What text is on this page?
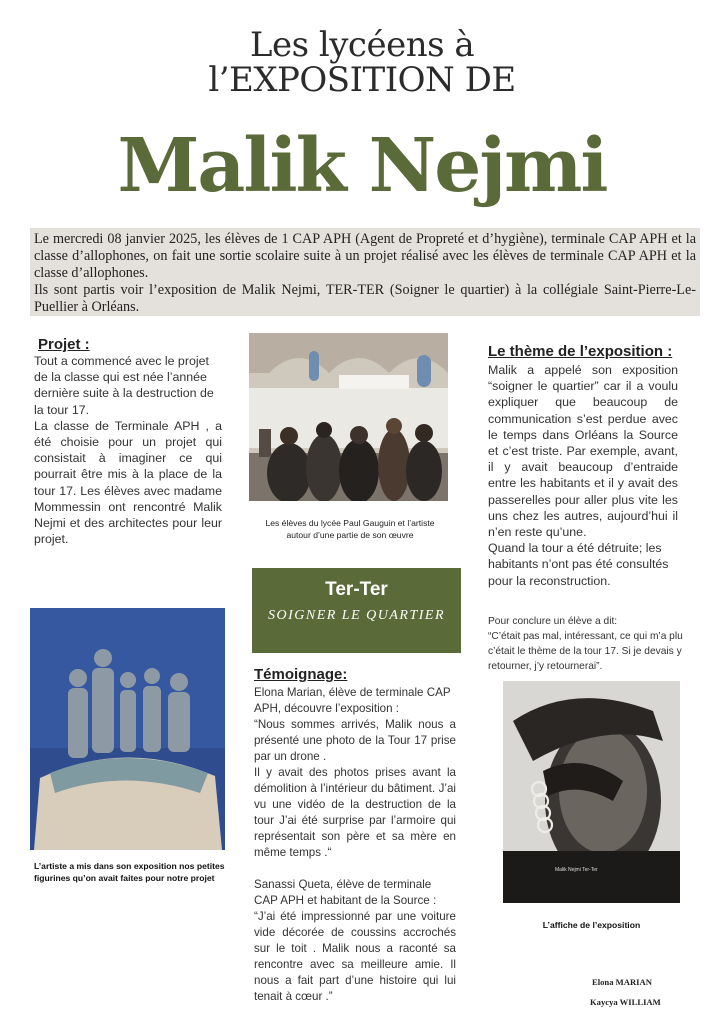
Les lycéens à
l’EXPOSITION DE
Malik Nejmi

Le mercredi 08 janvier 2025, les élèves de 1 CAP APH (Agent de Propreté et d’hygiène), terminale CAP APH et la classe d’allophones, on fait une sortie scolaire suite à un projet réalisé avec les élèves de terminale CAP APH et la classe d’allophones.

Ils sont partis voir l’exposition de Malik Nejmi, TER-TER (Soigner le quartier) à la collégiale Saint-Pierre-Le-Puellier à Orléans.

Projet :

Tout a commencé avec le projet de la classe qui est née l’année dernière suite à la destruction de la tour 17.

La classe de Terminale APH , a été choisie pour un projet qui consistait à imaginer ce qui pourrait être mis à la place de la tour 17. Les élèves avec madame Mommessin ont rencontré Malik Nejmi et des architectes pour leur projet.

Les élèves du lycée Paul Gauguin et l’artiste autour d’une partie de son œuvre
Ter-Ter
SOIGNER LE QUARTIER
Le thème de l’exposition :

Malik a appelé son exposition “soigner le quartier” car il a voulu expliquer que beaucoup de communication s’est perdue avec le temps dans Orléans la Source et c’est triste. Par exemple, avant, il y avait beaucoup d’entraide entre les habitants et il y avait des passerelles pour aller plus vite les uns chez les autres, aujourd’hui il n’en reste qu’une.

Quand la tour a été détruite; les habitants n’ont pas été consultés pour la reconstruction.

Pour conclure un élève a dit:
“C’était pas mal, intéressant, ce qui m’a plu c’était le thème de la tour 17. Si je devais y retourner, j’y retournerai”.
L’artiste a mis dans son exposition nos petites figurines qu’on avait faites pour notre projet
Témoignage:

Elona Marian, élève de terminale CAP APH, découvre l’exposition :

“Nous sommes arrivés, Malik nous a présenté une photo de la Tour 17 prise par un drone .

Il y avait des photos prises avant la démolition à l’intérieur du bâtiment. J’ai vu une vidéo de la destruction de la tour J’ai été surprise par l’armoire qui représentait son père et sa mère en même temps .“

Sanassi Queta, élève de terminale CAP APH et habitant de la Source :

“J’ai été impressionné par une voiture vide décorée de coussins accrochés sur le toit . Malik nous a raconté sa rencontre avec sa meilleure amie. Il nous a fait part d’une histoire qui lui tenait à cœur .”

Malik Nejmi Ter-Ter
L’affiche de l’exposition
Elona MARIAN
Kaycya WILLIAM
